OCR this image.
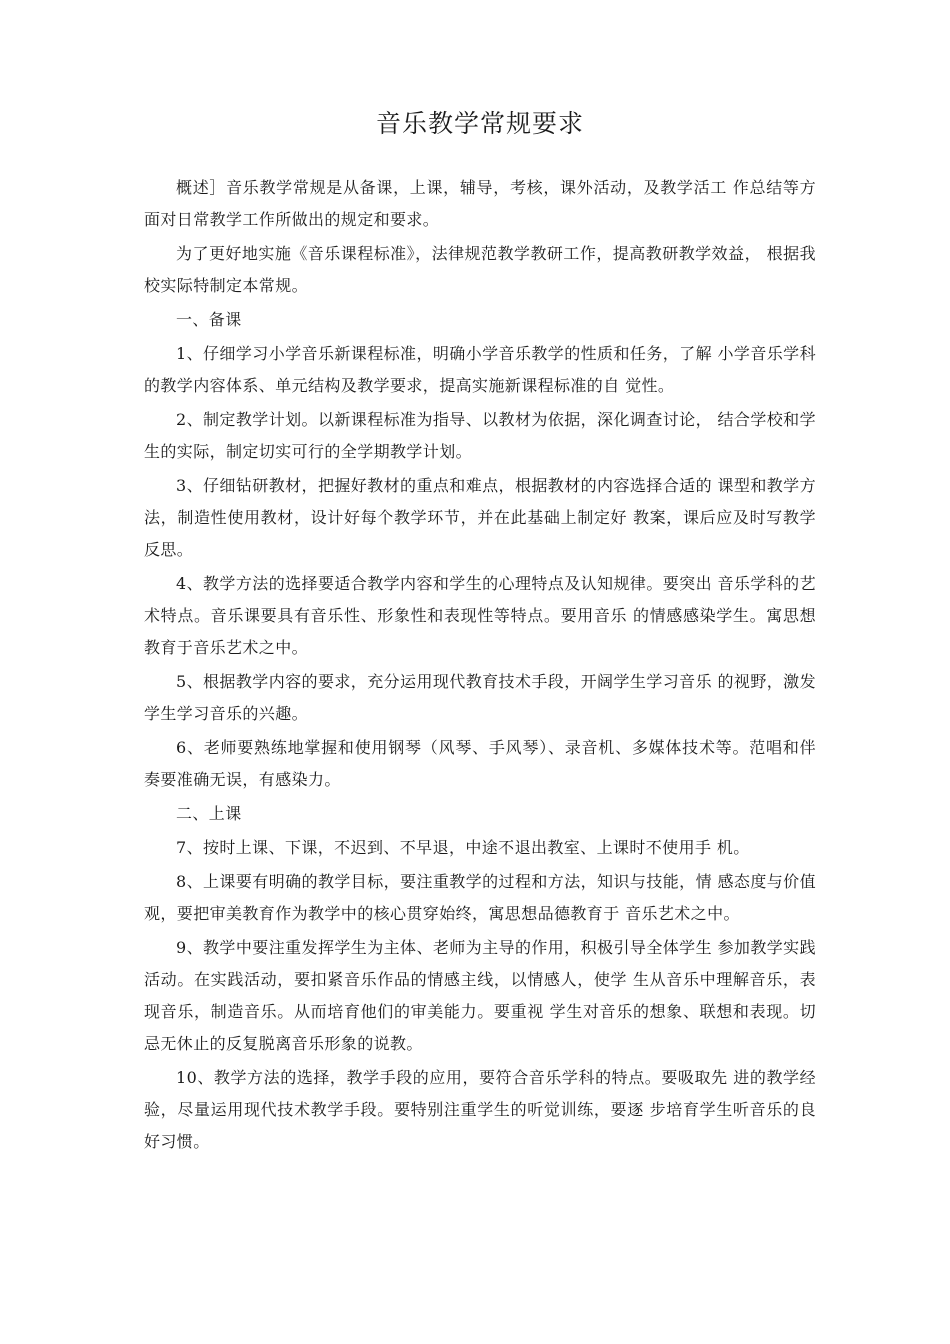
音乐教学常规要求

概述］音乐教学常规是从备课，上课，辅导，考核，课外活动，及教学活工 作总结等方面对日常教学工作所做出的规定和要求。

为了更好地实施《音乐课程标准》，法律规范教学教研工作，提高教研教学效益， 根据我校实际特制定本常规。

一、备课

1、仔细学习小学音乐新课程标准，明确小学音乐教学的性质和任务，了解 小学音乐学科的教学内容体系、单元结构及教学要求，提高实施新课程标准的自 觉性。

2、制定教学计划。以新课程标准为指导、以教材为依据，深化调查讨论， 结合学校和学生的实际，制定切实可行的全学期教学计划。

3、仔细钻研教材，把握好教材的重点和难点，根据教材的内容选择合适的 课型和教学方法，制造性使用教材，设计好每个教学环节，并在此基础上制定好 教案，课后应及时写教学反思。

4、教学方法的选择要适合教学内容和学生的心理特点及认知规律。要突出 音乐学科的艺术特点。音乐课要具有音乐性、形象性和表现性等特点。要用音乐 的情感感染学生。寓思想教育于音乐艺术之中。

5、根据教学内容的要求，充分运用现代教育技术手段，开阔学生学习音乐 的视野，激发学生学习音乐的兴趣。

6、老师要熟练地掌握和使用钢琴（风琴、手风琴）、录音机、多媒体技术等。范唱和伴奏要准确无误，有感染力。

二、上课

7、按时上课、下课，不迟到、不早退，中途不退出教室、上课时不使用手 机。

8、上课要有明确的教学目标，要注重教学的过程和方法，知识与技能，情 感态度与价值观，要把审美教育作为教学中的核心贯穿始终，寓思想品德教育于 音乐艺术之中。

9、教学中要注重发挥学生为主体、老师为主导的作用，积极引导全体学生 参加教学实践活动。在实践活动，要扣紧音乐作品的情感主线，以情感人，使学 生从音乐中理解音乐，表现音乐，制造音乐。从而培育他们的审美能力。要重视 学生对音乐的想象、联想和表现。切忌无休止的反复脱离音乐形象的说教。

10、教学方法的选择，教学手段的应用，要符合音乐学科的特点。要吸取先 进的教学经验，尽量运用现代技术教学手段。要特别注重学生的听觉训练，要逐 步培育学生听音乐的良好习惯。
